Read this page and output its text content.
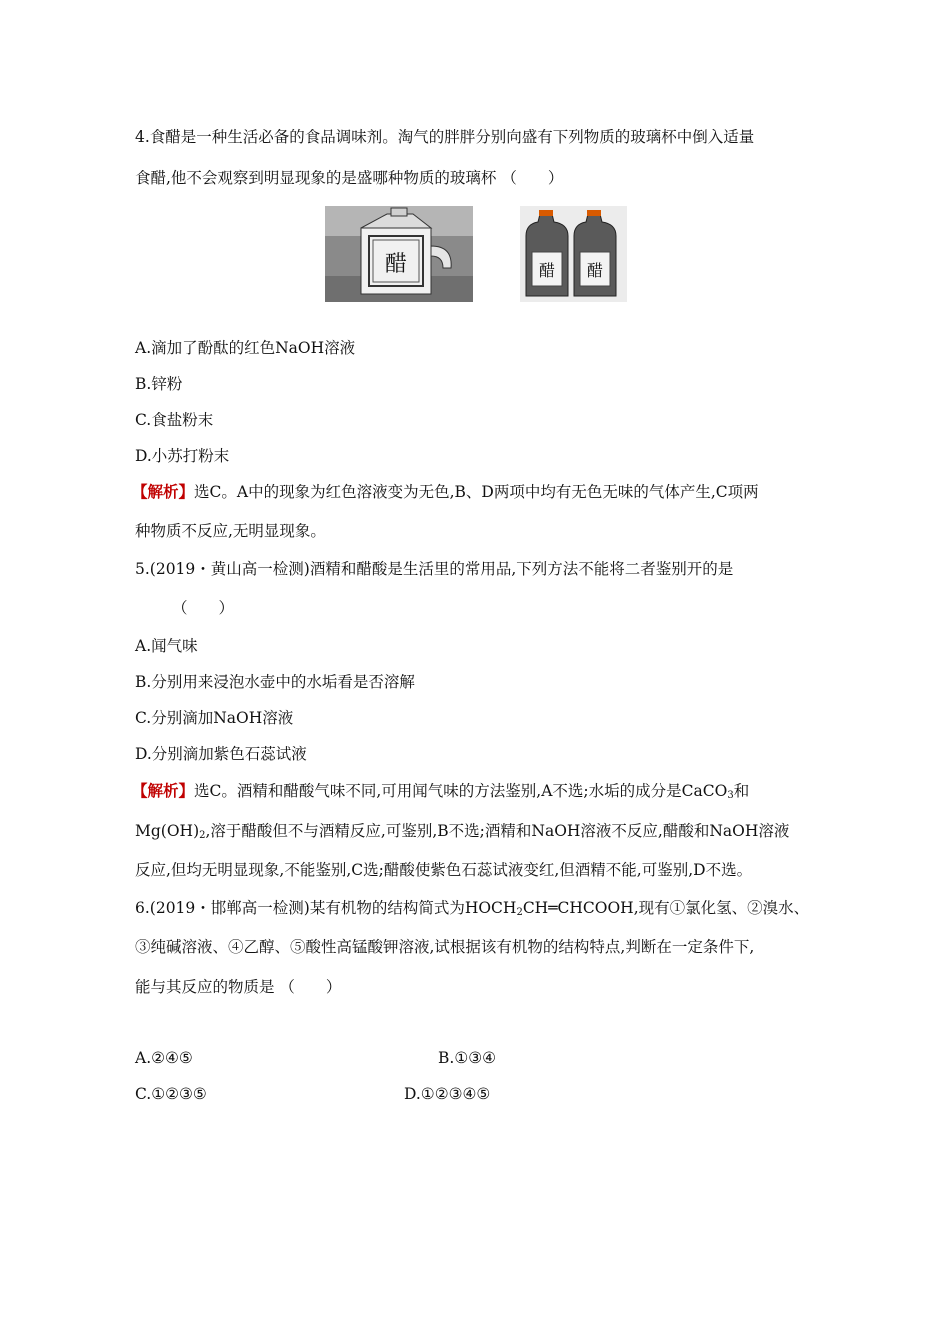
4.食醋是一种生活必备的食品调味剂。淘气的胖胖分别向盛有下列物质的玻璃杯中倒入适量
食醋,他不会观察到明显现象的是盛哪种物质的玻璃杯 （　　）
醋	醋 醋
A.滴加了酚酞的红色NaOH溶液
B.锌粉
C.食盐粉末
D.小苏打粉末
【解析】选C。A中的现象为红色溶液变为无色,B、D两项中均有无色无味的气体产生,C项两
种物质不反应,无明显现象。
5.(2019・黄山高一检测)酒精和醋酸是生活里的常用品,下列方法不能将二者鉴别开的是
（　　）
A.闻气味
B.分别用来浸泡水壶中的水垢看是否溶解
C.分别滴加NaOH溶液
D.分别滴加紫色石蕊试液
【解析】选C。酒精和醋酸气味不同,可用闻气味的方法鉴别,A不选;水垢的成分是CaCO$_3$和
$Mg(OH)_2$,溶于醋酸但不与酒精反应,可鉴别,B不选;酒精和NaOH溶液不反应,醋酸和NaOH溶液
反应,但均无明显现象,不能鉴别,C选;醋酸使紫色石蕊试液变红,但酒精不能,可鉴别,D不选。
6.(2019・邯郸高一检测)某有机物的结构简式为$HOCH_2CH═CHCOOH$,现有①氯化氢、②溴水、
③纯碱溶液、④乙醇、⑤酸性高锰酸钾溶液,试根据该有机物的结构特点,判断在一定条件下,
能与其反应的物质是 （　　）
A.②④⑤	B.①③④
C.①②③⑤	D.①②③④⑤
